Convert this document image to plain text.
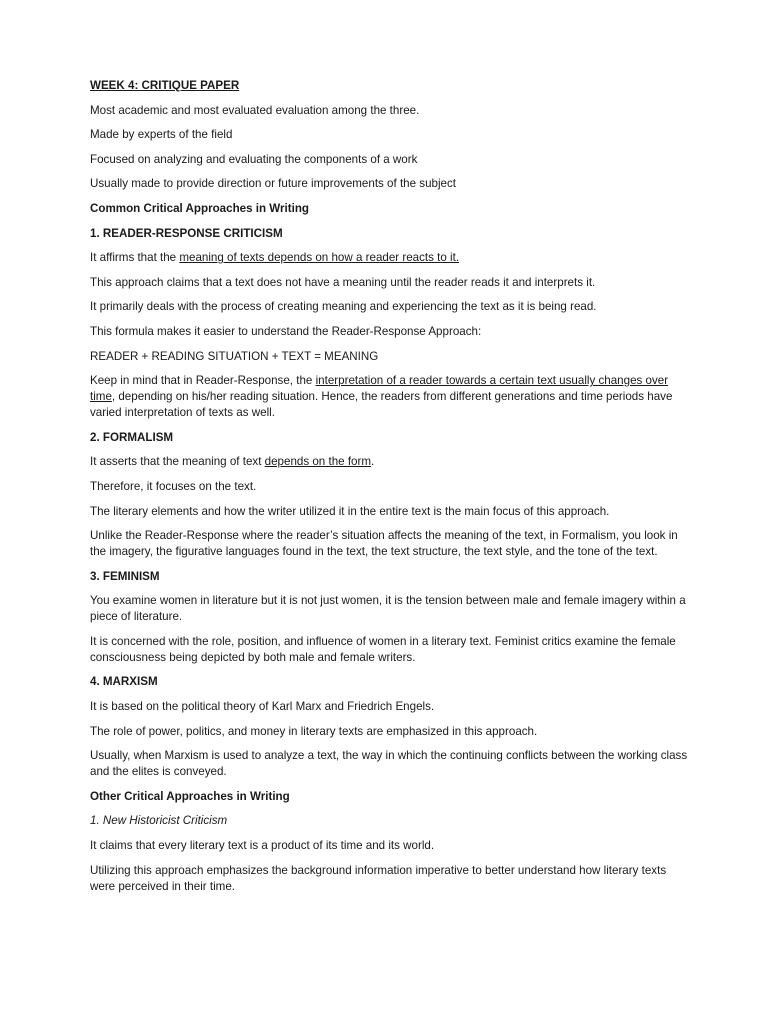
WEEK 4: CRITIQUE PAPER

Most academic and most evaluated evaluation among the three.

Made by experts of the field

Focused on analyzing and evaluating the components of a work

Usually made to provide direction or future improvements of the subject

Common Critical Approaches in Writing

1. READER-RESPONSE CRITICISM

It affirms that the meaning of texts depends on how a reader reacts to it.

This approach claims that a text does not have a meaning until the reader reads it and interprets it.

It primarily deals with the process of creating meaning and experiencing the text as it is being read.

This formula makes it easier to understand the Reader-Response Approach:

READER + READING SITUATION + TEXT = MEANING

Keep in mind that in Reader-Response, the interpretation of a reader towards a certain text usually changes over time, depending on his/her reading situation. Hence, the readers from different generations and time periods have varied interpretation of texts as well.

2. FORMALISM

It asserts that the meaning of text depends on the form.

Therefore, it focuses on the text.

The literary elements and how the writer utilized it in the entire text is the main focus of this approach.

Unlike the Reader-Response where the reader’s situation affects the meaning of the text, in Formalism, you look in the imagery, the figurative languages found in the text, the text structure, the text style, and the tone of the text.

3. FEMINISM

You examine women in literature but it is not just women, it is the tension between male and female imagery within a piece of literature.

It is concerned with the role, position, and influence of women in a literary text. Feminist critics examine the female consciousness being depicted by both male and female writers.

4. MARXISM

It is based on the political theory of Karl Marx and Friedrich Engels.

The role of power, politics, and money in literary texts are emphasized in this approach.

Usually, when Marxism is used to analyze a text, the way in which the continuing conflicts between the working class and the elites is conveyed.

Other Critical Approaches in Writing

1. New Historicist Criticism

It claims that every literary text is a product of its time and its world.

Utilizing this approach emphasizes the background information imperative to better understand how literary texts were perceived in their time.
